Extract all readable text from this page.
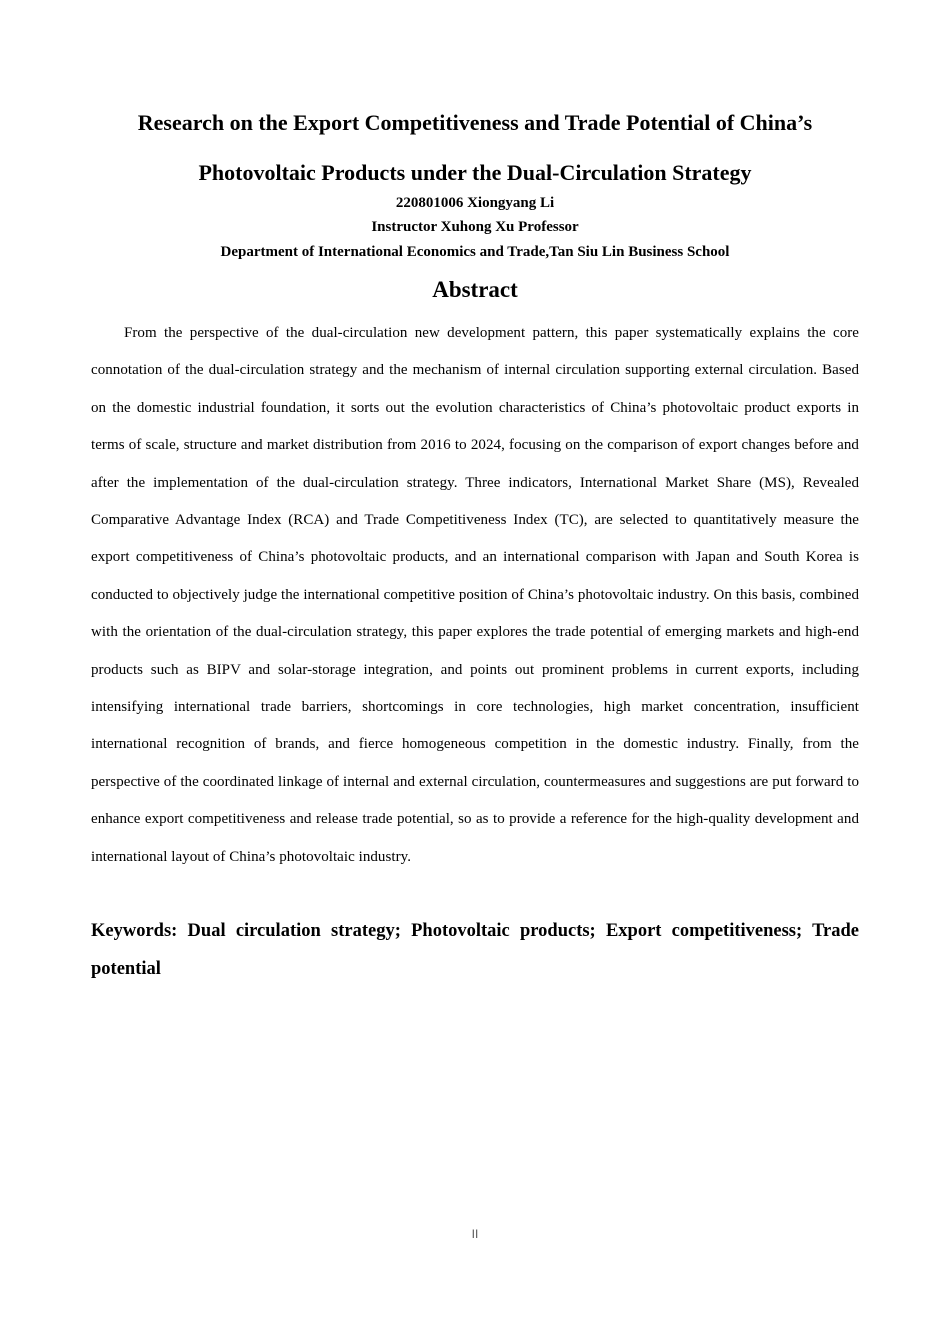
Research on the Export Competitiveness and Trade Potential of China’s
Photovoltaic Products under the Dual-Circulation Strategy
220801006 Xiongyang Li
Instructor Xuhong Xu Professor
Department of International Economics and Trade,Tan Siu Lin Business School
Abstract

From the perspective of the dual-circulation new development pattern, this paper systematically explains the core connotation of the dual-circulation strategy and the mechanism of internal circulation supporting external circulation. Based on the domestic industrial foundation, it sorts out the evolution characteristics of China’s photovoltaic product exports in terms of scale, structure and market distribution from 2016 to 2024, focusing on the comparison of export changes before and after the implementation of the dual-circulation strategy. Three indicators, International Market Share (MS), Revealed Comparative Advantage Index (RCA) and Trade Competitiveness Index (TC), are selected to quantitatively measure the export competitiveness of China’s photovoltaic products, and an international comparison with Japan and South Korea is conducted to objectively judge the international competitive position of China’s photovoltaic industry. On this basis, combined with the orientation of the dual-circulation strategy, this paper explores the trade potential of emerging markets and high-end products such as BIPV and solar-storage integration, and points out prominent problems in current exports, including intensifying international trade barriers, shortcomings in core technologies, high market concentration, insufficient international recognition of brands, and fierce homogeneous competition in the domestic industry. Finally, from the perspective of the coordinated linkage of internal and external circulation, countermeasures and suggestions are put forward to enhance export competitiveness and release trade potential, so as to provide a reference for the high-quality development and international layout of China’s photovoltaic industry.

Keywords: Dual circulation strategy; Photovoltaic products; Export competitiveness; Trade potential

II
